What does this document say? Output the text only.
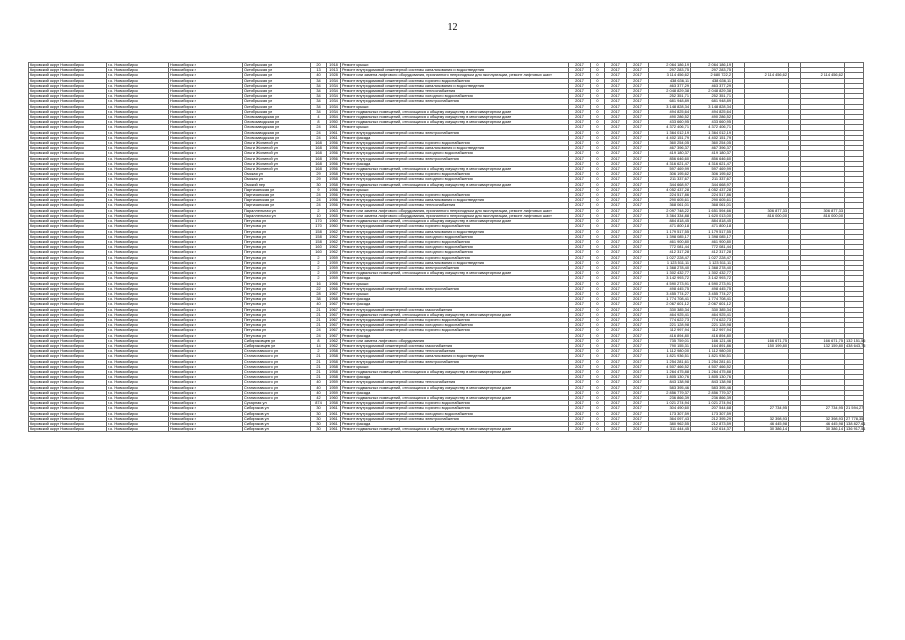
12
Кировский округ Новосибирск	г.о. Новосибирск	Новосибирск г	Октябрьская ул	20	1918	Ремонт крыши	2017	0	2017	2017	2 064 186,19	2 064 186,19					
Кировский округ Новосибирск	г.о. Новосибирск	Новосибирск г	Октябрьская ул	13	1913	Ремонт внутридомовой инженерной системы канализования и водоотведения	2017	0	2017	2017	297 283,75	297 283,75					
Кировский округ Новосибирск	г.о. Новосибирск	Новосибирск г	Октябрьская ул	40	1928	Ремонт или замена лифтового оборудования, признанного непригодным для эксплуатации, ремонт лифтовых шахт	2017	0	2017	2017	3 114 456,62	2 680 722,2		2 114 456,62		2 114 456,62	
Кировский округ Новосибирск	г.о. Новосибирск	Новосибирск г	Октябрьская ул	34	1934	Ремонт внутридомовой инженерной системы горячего водоснабжения	2017	0	2017	2017	438 636,11	438 636,11					
Кировский округ Новосибирск	г.о. Новосибирск	Новосибирск г	Октябрьская ул	34	1934	Ремонт внутридомовой инженерной системы канализования и водоотведения	2017	0	2017	2017	463 377,29	463 377,29					
Кировский округ Новосибирск	г.о. Новосибирск	Новосибирск г	Октябрьская ул	34	1934	Ремонт внутридомовой инженерной системы теплоснабжения	2017	0	2017	2017	2 048 829,38	2 048 829,38					
Кировский округ Новосибирск	г.о. Новосибирск	Новосибирск г	Октябрьская ул	34	1934	Ремонт внутридомовой инженерной системы холодного водоснабжения	2017	0	2017	2017	252 351,71	252 351,71					
Кировский округ Новосибирск	г.о. Новосибирск	Новосибирск г	Октябрьская ул	34	1934	Ремонт внутридомовой инженерной системы электроснабжения	2017	0	2017	2017	681 948,89	681 948,89					
Кировский округ Новосибирск	г.о. Новосибирск	Новосибирск г	Октябрьская ул	34	1934	Ремонт крыши	2017	0	2017	2017	3 148 828,34	3 148 828,34					
Кировский округ Новосибирск	г.о. Новосибирск	Новосибирск г	Октябрьская ул	34	1934	Ремонт подвальных помещений, относящихся к общему имуществу в многоквартирном доме	2017	0	2017	2017	494 825,64	494 825,64					
Кировский округ Новосибирск	г.о. Новосибирск	Новосибирск г	Оловозаводская ул	4	1954	Ремонт подвальных помещений, относящихся к общему имуществу в многоквартирном доме	2017	0	2017	2017	490 286,52	490 286,52					
Кировский округ Новосибирск	г.о. Новосибирск	Новосибирск г	Оловозаводская ул	8	1950	Ремонт подвальных помещений, относящихся к общему имуществу в многоквартирном доме	2017	0	2017	2017	433 660,95	433 660,95					
Кировский округ Новосибирск	г.о. Новосибирск	Новосибирск г	Оловозаводская ул	24	1961	Ремонт крыши	2017	0	2017	2017	4 372 406,71	4 372 406,71					
Кировский округ Новосибирск	г.о. Новосибирск	Новосибирск г	Оловозаводская ул	24	1961	Ремонт внутридомовой инженерной системы электроснабжения	2017	0	2017	2017	1 364 012,19	1 364 012,19					
Кировский округ Новосибирск	г.о. Новосибирск	Новосибирск г	Оловозаводская ул	24	1961	Ремонт фасада	2017	0	2017	2017	4 402 151,79	4 402 151,79					
Кировский округ Новосибирск	г.о. Новосибирск	Новосибирск г	Ольги Жилиной ул	168	1956	Ремонт внутридомовой инженерной системы горячего водоснабжения	2017	0	2017	2017	360 254,05	360 254,05					
Кировский округ Новосибирск	г.о. Новосибирск	Новосибирск г	Ольги Жилиной ул	168	1956	Ремонт внутридомовой инженерной системы канализования и водоотведения	2017	0	2017	2017	467 396,37	467 396,37					
Кировский округ Новосибирск	г.о. Новосибирск	Новосибирск г	Ольги Жилиной ул	168	1956	Ремонт внутридомовой инженерной системы холодного водоснабжения	2017	0	2017	2017	419 180,37	419 180,37					
Кировский округ Новосибирск	г.о. Новосибирск	Новосибирск г	Ольги Жилиной ул	168	1956	Ремонт внутридомовой инженерной системы электроснабжения	2017	0	2017	2017	856 646,60	856 646,60					
Кировский округ Новосибирск	г.о. Новосибирск	Новосибирск г	Ольги Жилиной ул	168	1956	Ремонт фасада	2017	0	2017	2017	4 316 621,47	4 316 621,47					
Кировский округ Новосибирск	г.о. Новосибирск	Новосибирск г	Ольги Жилиной ул	168	1956	Ремонт подвальных помещений, относящихся к общему имуществу в многоквартирном доме	2017	0	2017	2017	597 469,99	597 469,99					
Кировский округ Новосибирск	г.о. Новосибирск	Новосибирск г	Омская ул	29	1958	Ремонт внутридомовой инженерной системы горячего водоснабжения	2017	0	2017	2017	306 195,62	306 195,62					
Кировский округ Новосибирск	г.о. Новосибирск	Новосибирск г	Омская ул	29	1958	Ремонт внутридомовой инженерной системы холодного водоснабжения	2017	0	2017	2017	211 337,67	211 337,67					
Кировский округ Новосибирск	г.о. Новосибирск	Новосибирск г	Омский пер	30	1958	Ремонт подвальных помещений, относящихся к общему имуществу в многоквартирном доме	2017	0	2017	2017	344 668,97	344 668,97					
Кировский округ Новосибирск	г.о. Новосибирск	Новосибирск г	Партизанская ул	9	1956	Ремонт крыши	2017	0	2017	2017	4 052 437,28	4 052 437,28					
Кировский округ Новосибирск	г.о. Новосибирск	Новосибирск г	Партизанская ул	24	1956	Ремонт внутридомовой инженерной системы горячего водоснабжения	2017	0	2017	2017	224 517,86	224 517,86					
Кировский округ Новосибирск	г.о. Новосибирск	Новосибирск г	Партизанская ул	24	1956	Ремонт внутридомовой инженерной системы канализования и водоотведения	2017	0	2017	2017	290 605,61	290 605,61					
Кировский округ Новосибирск	г.о. Новосибирск	Новосибирск г	Партизанская ул	24	1956	Ремонт внутридомовой инженерной системы теплоснабжения	2017	0	2017	2017	368 061,01	368 061,01					
Кировский округ Новосибирск	г.о. Новосибирск	Новосибирск г	Параллельная ул	2	1963	Ремонт или замена лифтового оборудования, признанного непригодным для эксплуатации, ремонт лифтовых шахт	2017	0	2017	2017	2 097 748,22	1 651 594,66		306 877,33		306 877,33	
Кировский округ Новосибирск	г.о. Новосибирск	Новосибирск г	Параллельная ул	10	1965	Ремонт или замена лифтового оборудования, признанного непригодным для эксплуатации, ремонт лифтовых шахт	2017	0	2017	2017	3 364 334,88	1 620 013,00		816 000,00		816 000,00	
Кировский округ Новосибирск	г.о. Новосибирск	Новосибирск г	Петухова ул	170	1960	Ремонт подвальных помещений, относящихся к общему имуществу в многоквартирном доме	2017	0	2017	2017	884 818,45	884 818,45					
Кировский округ Новосибирск	г.о. Новосибирск	Новосибирск г	Петухова ул	170	1960	Ремонт внутридомовой инженерной системы горячего водоснабжения	2017	0	2017	2017	471 800,18	471 800,18					
Кировский округ Новосибирск	г.о. Новосибирск	Новосибирск г	Петухова ул	158	1962	Ремонт внутридомовой инженерной системы канализования и водоотведения	2017	0	2017	2017	1 179 517,55	1 179 517,55					
Кировский округ Новосибирск	г.о. Новосибирск	Новосибирск г	Петухова ул	158	1962	Ремонт внутридомовой инженерной системы холодного водоснабжения	2017	0	2017	2017	1 398 085,17	1 398 085,17					
Кировский округ Новосибирск	г.о. Новосибирск	Новосибирск г	Петухова ул	158	1962	Ремонт внутридомовой инженерной системы горячего водоснабжения	2017	0	2017	2017	461 900,80	461 900,80					
Кировский округ Новосибирск	г.о. Новосибирск	Новосибирск г	Петухова ул	160	1962	Ремонт внутридомовой инженерной системы холодного водоснабжения	2017	0	2017	2017	772 081,44	772 081,44					
Кировский округ Новосибирск	г.о. Новосибирск	Новосибирск г	Петухова ул	160	1962	Ремонт внутридомовой инженерной системы холодного водоснабжения	2017	0	2017	2017	412 317,28	412 317,28					
Кировский округ Новосибирск	г.о. Новосибирск	Новосибирск г	Петухова ул	2	1959	Ремонт внутридомовой инженерной системы горячего водоснабжения	2017	0	2017	2017	1 027 228,47	1 027 228,47					
Кировский округ Новосибирск	г.о. Новосибирск	Новосибирск г	Петухова ул	2	1959	Ремонт внутридомовой инженерной системы канализования и водоотведения	2017	0	2017	2017	1 123 511,11	1 123 511,11					
Кировский округ Новосибирск	г.о. Новосибирск	Новосибирск г	Петухова ул	2	1959	Ремонт внутридомовой инженерной системы электроснабжения	2017	0	2017	2017	1 368 278,40	1 368 278,40					
Кировский округ Новосибирск	г.о. Новосибирск	Новосибирск г	Петухова ул	2	1959	Ремонт подвальных помещений, относящихся к общему имуществу в многоквартирном доме	2017	0	2017	2017	1 302 432,77	1 302 432,77					
Кировский округ Новосибирск	г.о. Новосибирск	Новосибирск г	Петухова ул	2	1959	Ремонт фасада	2017	0	2017	2017	3 142 993,72	3 142 993,72					
Кировский округ Новосибирск	г.о. Новосибирск	Новосибирск г	Петухова ул	16	1966	Ремонт крыши	2017	0	2017	2017	4 590 273,91	4 590 273,91					
Кировский округ Новосибирск	г.о. Новосибирск	Новосибирск г	Петухова ул	22	1966	Ремонт внутридомовой инженерной системы электроснабжения	2017	0	2017	2017	498 445,75	498 445,75					
Кировский округ Новосибирск	г.о. Новосибирск	Новосибирск г	Петухова ул	28	1967	Ремонт крыши	2017	0	2017	2017	3 455 774,27	3 455 774,27					
Кировский округ Новосибирск	г.о. Новосибирск	Новосибирск г	Петухова ул	38	1968	Ремонт фасада	2017	0	2017	2017	1 774 708,41	1 774 708,41					
Кировский округ Новосибирск	г.о. Новосибирск	Новосибирск г	Петухова ул	40	1967	Ремонт фасада	2017	0	2017	2017	2 067 601,12	2 067 601,12					
Кировский округ Новосибирск	г.о. Новосибирск	Новосибирск г	Петухова ул	21	1967	Ремонт внутридомовой инженерной системы газоснабжения	2017	0	2017	2017	330 385,34	330 385,34					
Кировский округ Новосибирск	г.о. Новосибирск	Новосибирск г	Петухова ул	21	1967	Ремонт подвальных помещений, относящихся к общему имуществу в многоквартирном доме	2017	0	2017	2017	464 925,41	464 925,41					
Кировский округ Новосибирск	г.о. Новосибирск	Новосибирск г	Петухова ул	21	1967	Ремонт внутридомовой инженерной системы горячего водоснабжения	2017	0	2017	2017	774 622,73	774 622,73					
Кировский округ Новосибирск	г.о. Новосибирск	Новосибирск г	Петухова ул	21	1967	Ремонт внутридомовой инженерной системы холодного водоснабжения	2017	0	2017	2017	221 128,98	221 128,98					
Кировский округ Новосибирск	г.о. Новосибирск	Новосибирск г	Петухова ул	24	1967	Ремонт внутридомовой инженерной системы горячего водоснабжения	2017	0	2017	2017	112 997,94	112 997,94					
Кировский округ Новосибирск	г.о. Новосибирск	Новосибирск г	Петухова ул	24	1967	Ремонт фасада	2017	0	2017	2017	416 894,80	416 894,80					
Кировский округ Новосибирск	г.о. Новосибирск	Новосибирск г	Сибиряковцев ул	8	1962	Ремонт или замена лифтового оборудования	2017	0	2017	2017	735 759,01	166 121,46		166 671,75		166 671,75	132 151,56
Кировский округ Новосибирск	г.о. Новосибирск	Новосибирск г	Сибиряковцев ул	14	1962	Ремонт внутридомовой инженерной системы газоснабжения	2017	0	2017	2017	790 155,31	164 891,86		150 199,80		132 159,80	438 643,75
Кировский округ Новосибирск	г.о. Новосибирск	Новосибирск г	Станиславского ул	2	1958	Ремонт внутридомовой инженерной системы теплоснабжения	2017	0	2017	2017	1 112 980,00	1 112 980,00					
Кировский округ Новосибирск	г.о. Новосибирск	Новосибирск г	Станиславского ул	21	1958	Ремонт внутридомовой инженерной системы канализования и водоотведения	2017	0	2017	2017	1 821 936,51	1 821 936,51					
Кировский округ Новосибирск	г.о. Новосибирск	Новосибирск г	Станиславского ул	21	1958	Ремонт внутридомовой инженерной системы электроснабжения	2017	0	2017	2017	1 254 281,61	1 254 281,61					
Кировский округ Новосибирск	г.о. Новосибирск	Новосибирск г	Станиславского ул	21	1958	Ремонт крыши	2017	0	2017	2017	4 507 466,52	4 507 466,52					
Кировский округ Новосибирск	г.о. Новосибирск	Новосибирск г	Станиславского ул	21	1958	Ремонт подвальных помещений, относящихся к общему имуществу в многоквартирном доме	2017	0	2017	2017	1 264 475,88	1 264 475,88					
Кировский округ Новосибирск	г.о. Новосибирск	Новосибирск г	Станиславского ул	21	1958	Ремонт фасада	2017	0	2017	2017	1 805 130,76	1 805 130,76					
Кировский округ Новосибирск	г.о. Новосибирск	Новосибирск г	Станиславского ул	40	1959	Ремонт внутридомовой инженерной системы теплоснабжения	2017	0	2017	2017	843 138,98	843 138,98					
Кировский округ Новосибирск	г.о. Новосибирск	Новосибирск г	Станиславского ул	40	1959	Ремонт подвальных помещений, относящихся к общему имуществу в многоквартирном доме	2017	0	2017	2017	583 395,46	583 395,46					
Кировский округ Новосибирск	г.о. Новосибирск	Новосибирск г	Станиславского ул	40	1959	Ремонт фасада	2017	0	2017	2017	2 856 779,37	2 856 779,37					
Кировский округ Новосибирск	г.о. Новосибирск	Новосибирск г	Станиславского ул	42	1960	Ремонт подвальных помещений, относящихся к общему имуществу в многоквартирном доме	2017	0	2017	2017	236 866,39	236 866,39					
Кировский округ Новосибирск	г.о. Новосибирск	Новосибирск г	Сухарная ул	874	1958	Ремонт внутридомовой инженерной системы горячего водоснабжения	2017	0	2017	2017	1 021 274,94	1 021 274,94					
Кировский округ Новосибирск	г.о. Новосибирск	Новосибирск г	Сибиряков ул	30	1961	Ремонт внутридомовой инженерной системы горячего водоснабжения	2017	0	2017	2017	304 490,60	207 544,68		27 734,95		27 734,95	21 594,27
Кировский округ Новосибирск	г.о. Новосибирск	Новосибирск г	Сибиряков ул	30	1961	Ремонт внутридомовой инженерной системы холодного водоснабжения	2017	0	2017	2017	173 307,59	173 307,59					
Кировский округ Новосибирск	г.о. Новосибирск	Новосибирск г	Сибиряков ул	30	1961	Ремонт внутридомовой инженерной системы электроснабжения	2017	0	2017	2017	364 097,43	212 395,29		32 398,93		32 398,93	27 778,35
Кировский округ Новосибирск	г.о. Новосибирск	Новосибирск г	Сибиряков ул	30	1961	Ремонт фасада	2017	0	2017	2017	380 962,55	212 873,59		46 445,98		46 445,98	138 827,61
Кировский округ Новосибирск	г.о. Новосибирск	Новосибирск г	Сибиряков ул	30	1961	Ремонт подвальных помещений, относящихся к общему имуществу в многоквартирном доме	2017	0	2017	2017	311 444,45	102 614,37		30 386,14		30 386,14	136 917,51
